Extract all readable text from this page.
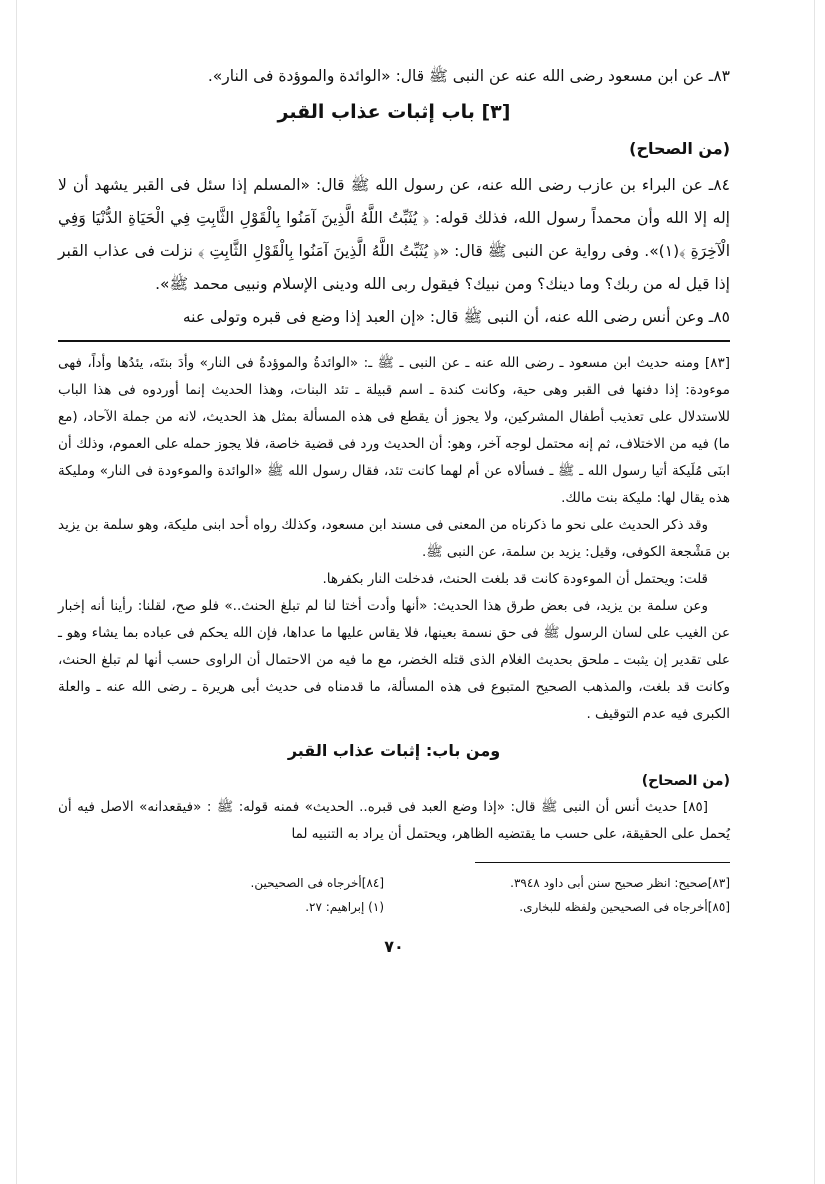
٨٣ـ عن ابن مسعود رضى الله عنه عن النبى ﷺ قال: «الوائدة والموؤدة فى النار».

[٣] باب إثبات عذاب القبر

(من الصحاح)

٨٤ـ عن البراء بن عازب رضى الله عنه، عن رسول الله ﷺ قال: «المسلم إذا سئل فى القبر يشهد أن لا إله إلا الله وأن محمداً رسول الله، فذلك قوله: ﴿ يُثَبِّتُ اللَّهُ الَّذِينَ آمَنُوا بِالْقَوْلِ الثَّابِتِ فِي الْحَيَاةِ الدُّنْيَا وَفِي الْآخِرَةِ ﴾(١)». وفى رواية عن النبى ﷺ قال: «﴿ يُثَبِّتُ اللَّهُ الَّذِينَ آمَنُوا بِالْقَوْلِ الثَّابِتِ ﴾ نزلت فى عذاب القبر إذا قيل له من ربك؟ وما دينك؟ ومن نبيك؟ فيقول ربى الله ودينى الإسلام ونبيى محمد ﷺ».

٨٥ـ وعن أنس رضى الله عنه، أن النبى ﷺ قال: «إن العبد إذا وضع فى قبره وتولى عنه

[٨٣] ومنه حديث ابن مسعود ـ رضى الله عنه ـ عن النبى ـ ﷺ ـ: «الوائدةُ والموؤدةُ فى النار» وأدَ بنتَه، يئدُها وأداً، فهى موءودة: إذا دفنها فى القبر وهى حية، وكانت كندة ـ اسم قبيلة ـ تئد البنات، وهذا الحديث إنما أوردوه فى هذا الباب للاستدلال على تعذيب أطفال المشركين، ولا يجوز أن يقطع فى هذه المسألة بمثل هذ الحديث، لانه من جملة الآحاد، (مع ما) فيه من الاختلاف، ثم إنه محتمل لوجه آخر، وهو: أن الحديث ورد فى قضية خاصة، فلا يجوز حمله على العموم، وذلك أن ابنَى مُلَيكة أتيا رسول الله ـ ﷺ ـ فسألاه عن أم لهما كانت تئد، فقال رسول الله ﷺ «الوائدة والموءودة فى النار» ومليكة هذه يقال لها: مليكة بنت مالك.

وقد ذكر الحديث على نحو ما ذكرناه من المعنى فى مسند ابن مسعود، وكذلك رواه أحد ابنى مليكة، وهو سلمة بن يزيد بن مَشْجعة الكوفى، وقيل: يزيد بن سلمة، عن النبى ﷺ.

قلت: ويحتمل أن الموءودة كانت قد بلغت الحنث، فدخلت النار بكفرها.

وعن سلمة بن يزيد، فى بعض طرق هذا الحديث: «أنها وأدت أختا لنا لم تبلغ الحنث..» فلو صح، لقلنا: رأينا أنه إخبار عن الغيب على لسان الرسول ﷺ فى حق نسمة بعينها، فلا يقاس عليها ما عداها، فإن الله يحكم فى عباده بما يشاء وهو ـ على تقدير إن يثبت ـ ملحق بحديث الغلام الذى قتله الخضر، مع ما فيه من الاحتمال أن الراوى حسب أنها لم تبلغ الحنث، وكانت قد بلغت، والمذهب الصحيح المتبوع فى هذه المسألة، ما قدمناه فى حديث أبى هريرة ـ رضى الله عنه ـ والعلة الكبرى فيه عدم التوقيف .

ومن باب: إثبات عذاب القبر

(من الصحاح)

[٨٥] حديث أنس أن النبى ﷺ قال: «إذا وضع العبد فى قبره.. الحديث» فمنه قوله: ﷺ : «فيقعدانه» الاصل فيه أن يُحمل على الحقيقة، على حسب ما يقتضيه الظاهر، ويحتمل أن يراد به التنبيه لما

[٨٣]صحيح: انظر صحيح سنن أبى داود ٣٩٤٨.
[٨٤]أخرجاه فى الصحيحين.
[٨٥]أخرجاه فى الصحيحين ولفظه للبخارى.
(١) إبراهيم: ٢٧.
٧٠
